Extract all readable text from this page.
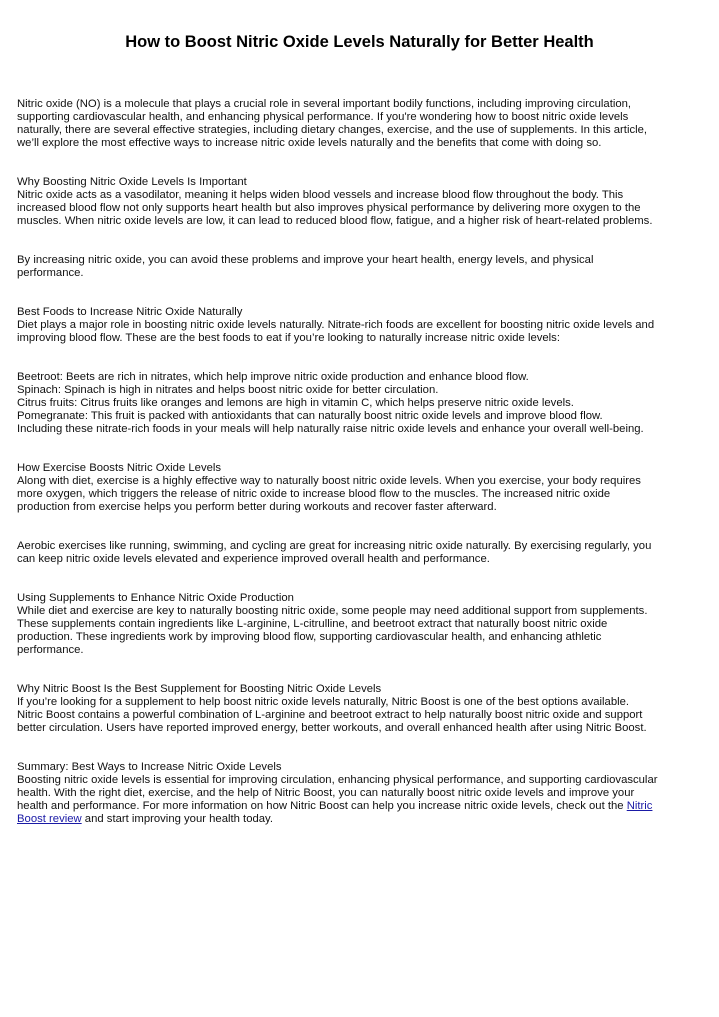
How to Boost Nitric Oxide Levels Naturally for Better Health

Nitric oxide (NO) is a molecule that plays a crucial role in several important bodily functions, including improving circulation,
supporting cardiovascular health, and enhancing physical performance. If you're wondering how to boost nitric oxide levels
naturally, there are several effective strategies, including dietary changes, exercise, and the use of supplements. In this article,
we’ll explore the most effective ways to increase nitric oxide levels naturally and the benefits that come with doing so.

Why Boosting Nitric Oxide Levels Is Important
Nitric oxide acts as a vasodilator, meaning it helps widen blood vessels and increase blood flow throughout the body. This
increased blood flow not only supports heart health but also improves physical performance by delivering more oxygen to the
muscles. When nitric oxide levels are low, it can lead to reduced blood flow, fatigue, and a higher risk of heart-related problems.

By increasing nitric oxide, you can avoid these problems and improve your heart health, energy levels, and physical
performance.

Best Foods to Increase Nitric Oxide Naturally
Diet plays a major role in boosting nitric oxide levels naturally. Nitrate-rich foods are excellent for boosting nitric oxide levels and
improving blood flow. These are the best foods to eat if you’re looking to naturally increase nitric oxide levels:

Beetroot: Beets are rich in nitrates, which help improve nitric oxide production and enhance blood flow.
Spinach: Spinach is high in nitrates and helps boost nitric oxide for better circulation.
Citrus fruits: Citrus fruits like oranges and lemons are high in vitamin C, which helps preserve nitric oxide levels.
Pomegranate: This fruit is packed with antioxidants that can naturally boost nitric oxide levels and improve blood flow.
Including these nitrate-rich foods in your meals will help naturally raise nitric oxide levels and enhance your overall well-being.

How Exercise Boosts Nitric Oxide Levels
Along with diet, exercise is a highly effective way to naturally boost nitric oxide levels. When you exercise, your body requires
more oxygen, which triggers the release of nitric oxide to increase blood flow to the muscles. The increased nitric oxide
production from exercise helps you perform better during workouts and recover faster afterward.

Aerobic exercises like running, swimming, and cycling are great for increasing nitric oxide naturally. By exercising regularly, you
can keep nitric oxide levels elevated and experience improved overall health and performance.

Using Supplements to Enhance Nitric Oxide Production
While diet and exercise are key to naturally boosting nitric oxide, some people may need additional support from supplements.
These supplements contain ingredients like L-arginine, L-citrulline, and beetroot extract that naturally boost nitric oxide
production. These ingredients work by improving blood flow, supporting cardiovascular health, and enhancing athletic
performance.

Why Nitric Boost Is the Best Supplement for Boosting Nitric Oxide Levels
If you’re looking for a supplement to help boost nitric oxide levels naturally, Nitric Boost is one of the best options available.
Nitric Boost contains a powerful combination of L-arginine and beetroot extract to help naturally boost nitric oxide and support
better circulation. Users have reported improved energy, better workouts, and overall enhanced health after using Nitric Boost.

Summary: Best Ways to Increase Nitric Oxide Levels
Boosting nitric oxide levels is essential for improving circulation, enhancing physical performance, and supporting cardiovascular
health. With the right diet, exercise, and the help of Nitric Boost, you can naturally boost nitric oxide levels and improve your
health and performance. For more information on how Nitric Boost can help you increase nitric oxide levels, check out the Nitric
Boost review and start improving your health today.
